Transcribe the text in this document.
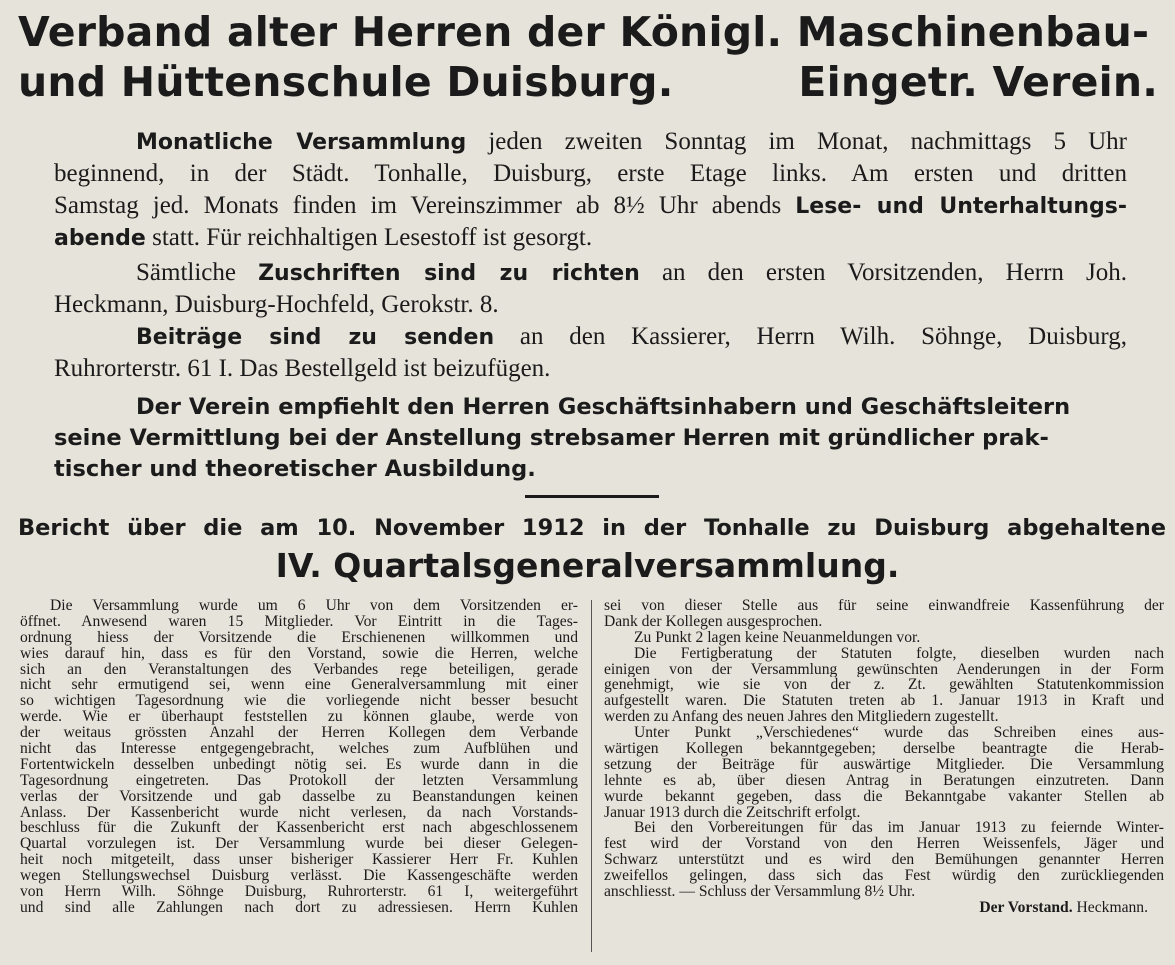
Verband alter Herren der Königl. Maschinenbau-
und Hüttenschule Duisburg.	Eingetr. Verein.
Monatliche Versammlung jeden zweiten Sonntag im Monat, nachmittags 5 Uhr
beginnend, in der Städt. Tonhalle, Duisburg, erste Etage links. Am ersten und dritten
Samstag jed. Monats finden im Vereinszimmer ab 8½ Uhr abends Lese- und Unterhaltungs-
abende statt. Für reichhaltigen Lesestoff ist gesorgt.
Sämtliche Zuschriften sind zu richten an den ersten Vorsitzenden, Herrn Joh.
Heckmann, Duisburg-Hochfeld, Gerokstr. 8.
Beiträge sind zu senden an den Kassierer, Herrn Wilh. Söhnge, Duisburg,
Ruhrorterstr. 61 I. Das Bestellgeld ist beizufügen.
Der Verein empfiehlt den Herren Geschäftsinhabern und Geschäftsleitern
seine Vermittlung bei der Anstellung strebsamer Herren mit gründlicher prak-
tischer und theoretischer Ausbildung.
Bericht über die am 10. November 1912 in der Tonhalle zu Duisburg abgehaltene
IV. Quartalsgeneralversammlung.
Die Versammlung wurde um 6 Uhr von dem Vorsitzenden er-
öffnet. Anwesend waren 15 Mitglieder. Vor Eintritt in die Tages-
ordnung hiess der Vorsitzende die Erschienenen willkommen und
wies darauf hin, dass es für den Vorstand, sowie die Herren, welche
sich an den Veranstaltungen des Verbandes rege beteiligen, gerade
nicht sehr ermutigend sei, wenn eine Generalversammlung mit einer
so wichtigen Tagesordnung wie die vorliegende nicht besser besucht
werde. Wie er überhaupt feststellen zu können glaube, werde von
der weitaus grössten Anzahl der Herren Kollegen dem Verbande
nicht das Interesse entgegengebracht, welches zum Aufblühen und
Fortentwickeln desselben unbedingt nötig sei. Es wurde dann in die
Tagesordnung eingetreten. Das Protokoll der letzten Versammlung
verlas der Vorsitzende und gab dasselbe zu Beanstandungen keinen
Anlass. Der Kassenbericht wurde nicht verlesen, da nach Vorstands-
beschluss für die Zukunft der Kassenbericht erst nach abgeschlossenem
Quartal vorzulegen ist. Der Versammlung wurde bei dieser Gelegen-
heit noch mitgeteilt, dass unser bisheriger Kassierer Herr Fr. Kuhlen
wegen Stellungswechsel Duisburg verlässt. Die Kassengeschäfte werden
von Herrn Wilh. Söhnge Duisburg, Ruhrorterstr. 61 I, weitergeführt
und sind alle Zahlungen nach dort zu adressiesen. Herrn Kuhlen
sei von dieser Stelle aus für seine einwandfreie Kassenführung der
Dank der Kollegen ausgesprochen.
Zu Punkt 2 lagen keine Neuanmeldungen vor.
Die Fertigberatung der Statuten folgte, dieselben wurden nach
einigen von der Versammlung gewünschten Aenderungen in der Form
genehmigt, wie sie von der z. Zt. gewählten Statutenkommission
aufgestellt waren. Die Statuten treten ab 1. Januar 1913 in Kraft und
werden zu Anfang des neuen Jahres den Mitgliedern zugestellt.
Unter Punkt „Verschiedenes“ wurde das Schreiben eines aus-
wärtigen Kollegen bekanntgegeben; derselbe beantragte die Herab-
setzung der Beiträge für auswärtige Mitglieder. Die Versammlung
lehnte es ab, über diesen Antrag in Beratungen einzutreten. Dann
wurde bekannt gegeben, dass die Bekanntgabe vakanter Stellen ab
Januar 1913 durch die Zeitschrift erfolgt.
Bei den Vorbereitungen für das im Januar 1913 zu feiernde Winter-
fest wird der Vorstand von den Herren Weissenfels, Jäger und
Schwarz unterstützt und es wird den Bemühungen genannter Herren
zweifellos gelingen, dass sich das Fest würdig den zurückliegenden
anschliesst. — Schluss der Versammlung 8½ Uhr.
Der Vorstand. Heckmann.
